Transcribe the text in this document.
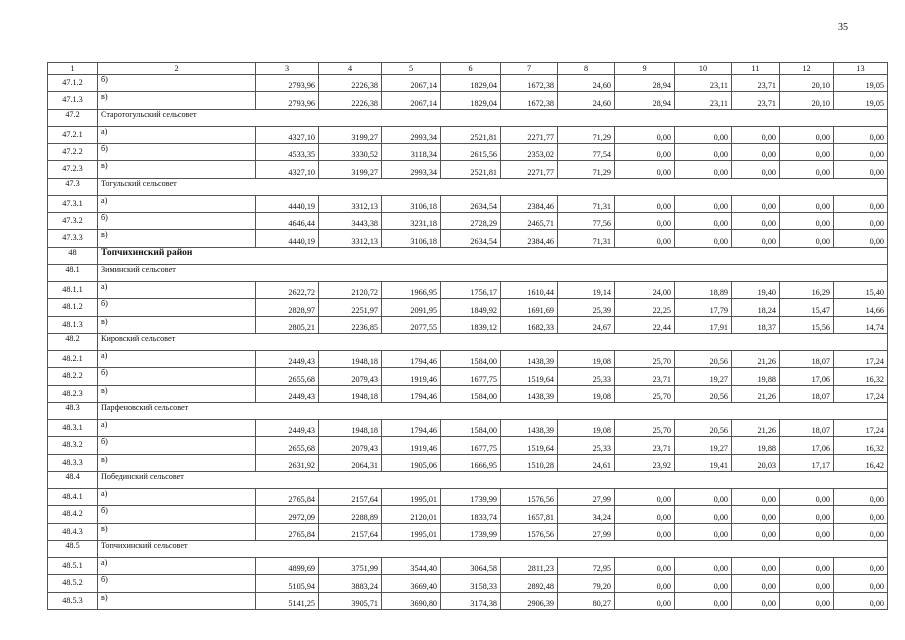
35
1	2	3	4	5	6	7	8	9	10	11	12	13
47.1.2	б)	2793,96	2226,38	2067,14	1829,04	1672,38	24,60	28,94	23,11	23,71	20,10	19,05
47.1.3	в)	2793,96	2226,38	2067,14	1829,04	1672,38	24,60	28,94	23,11	23,71	20,10	19,05
47.2	Старотогульский сельсовет											
47.2.1	а)	4327,10	3199,27	2993,34	2521,81	2271,77	71,29	0,00	0,00	0,00	0,00	0,00
47.2.2	б)	4533,35	3330,52	3118,34	2615,56	2353,02	77,54	0,00	0,00	0,00	0,00	0,00
47.2.3	в)	4327,10	3199,27	2993,34	2521,81	2271,77	71,29	0,00	0,00	0,00	0,00	0,00
47.3	Тогульский сельсовет											
47.3.1	а)	4440,19	3312,13	3106,18	2634,54	2384,46	71,31	0,00	0,00	0,00	0,00	0,00
47.3.2	б)	4646,44	3443,38	3231,18	2728,29	2465,71	77,56	0,00	0,00	0,00	0,00	0,00
47.3.3	в)	4440,19	3312,13	3106,18	2634,54	2384,46	71,31	0,00	0,00	0,00	0,00	0,00
48	Топчихинский район											
48.1	Зиминский сельсовет											
48.1.1	а)	2622,72	2120,72	1966,95	1756,17	1610,44	19,14	24,00	18,89	19,40	16,29	15,40
48.1.2	б)	2828,97	2251,97	2091,95	1849,92	1691,69	25,39	22,25	17,79	18,24	15,47	14,66
48.1.3	в)	2805,21	2236,85	2077,55	1839,12	1682,33	24,67	22,44	17,91	18,37	15,56	14,74
48.2	Кировский сельсовет											
48.2.1	а)	2449,43	1948,18	1794,46	1584,00	1438,39	19,08	25,70	20,56	21,26	18,07	17,24
48.2.2	б)	2655,68	2079,43	1919,46	1677,75	1519,64	25,33	23,71	19,27	19,88	17,06	16,32
48.2.3	в)	2449,43	1948,18	1794,46	1584,00	1438,39	19,08	25,70	20,56	21,26	18,07	17,24
48.3	Парфеновский сельсовет											
48.3.1	а)	2449,43	1948,18	1794,46	1584,00	1438,39	19,08	25,70	20,56	21,26	18,07	17,24
48.3.2	б)	2655,68	2079,43	1919,46	1677,75	1519,64	25,33	23,71	19,27	19,88	17,06	16,32
48.3.3	в)	2631,92	2064,31	1905,06	1666,95	1510,28	24,61	23,92	19,41	20,03	17,17	16,42
48.4	Побединский сельсовет											
48.4.1	а)	2765,84	2157,64	1995,01	1739,99	1576,56	27,99	0,00	0,00	0,00	0,00	0,00
48.4.2	б)	2972,09	2288,89	2120,01	1833,74	1657,81	34,24	0,00	0,00	0,00	0,00	0,00
48.4.3	в)	2765,84	2157,64	1995,01	1739,99	1576,56	27,99	0,00	0,00	0,00	0,00	0,00
48.5	Топчихинский сельсовет											
48.5.1	а)	4899,69	3751,99	3544,40	3064,58	2811,23	72,95	0,00	0,00	0,00	0,00	0,00
48.5.2	б)	5105,94	3883,24	3669,40	3158,33	2892,48	79,20	0,00	0,00	0,00	0,00	0,00
48.5.3	в)	5141,25	3905,71	3690,80	3174,38	2906,39	80,27	0,00	0,00	0,00	0,00	0,00
